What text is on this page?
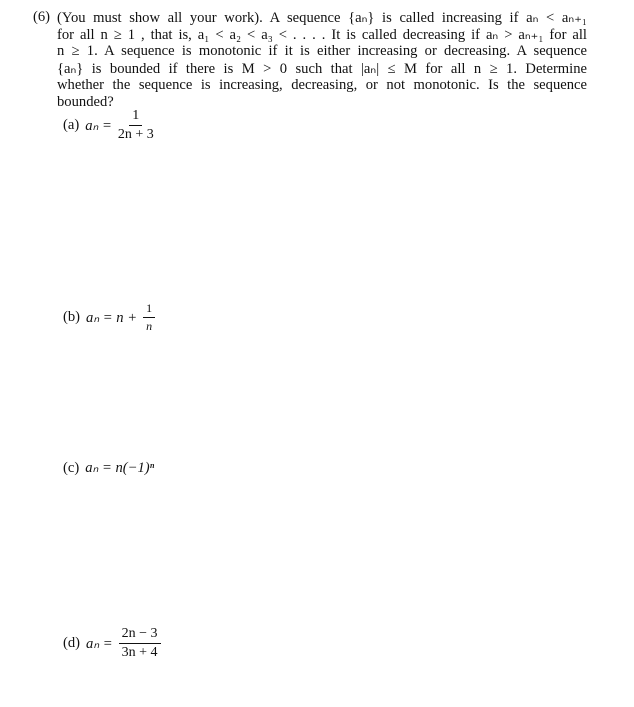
(6) (You must show all your work). A sequence {aₙ} is called increasing if aₙ < aₙ₊₁
for all n ≥ 1 , that is, a₁ < a₂ < a₃ < . . . . It is called decreasing if aₙ > aₙ₊₁ for all
n ≥ 1. A sequence is monotonic if it is either increasing or decreasing. A sequence
{aₙ} is bounded if there is M > 0 such that |aₙ| ≤ M for all n ≥ 1. Determine
whether the sequence is increasing, decreasing, or not monotonic. Is the sequence
bounded?
(a) $a_n = \frac{1}{2n + 3}$
(b) $a_n = n + \frac{1}{n}$
(c) aₙ = n(−1)ⁿ
(d) $a_n = \frac{2n - 3}{3n + 4}$
